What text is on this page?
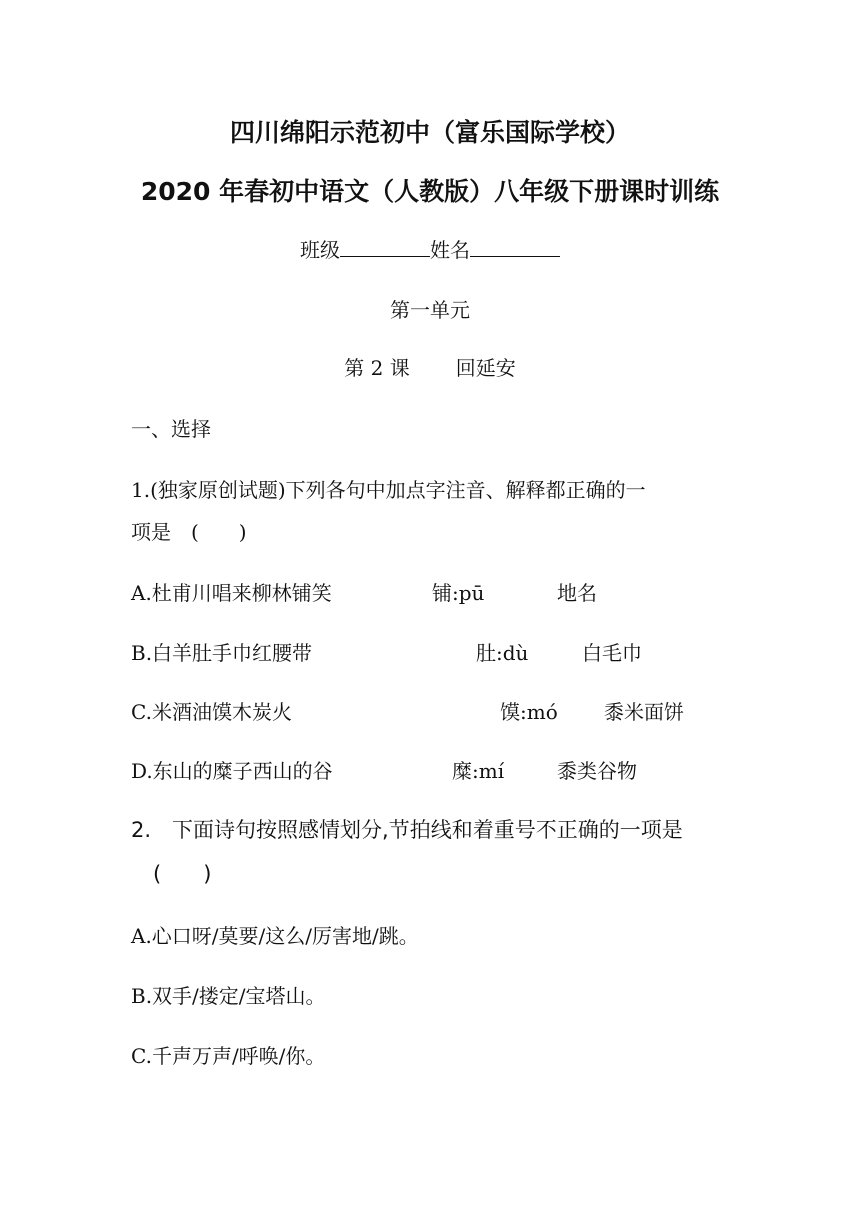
四川绵阳示范初中（富乐国际学校）
2020 年春初中语文（人教版）八年级下册课时训练
班级	姓名
第一单元
第 2 课 回延安
一、选择
1.(独家原创试题)下列各句中加点字注音、解释都正确的一
项是　(　　)
A.杜甫川唱来柳林铺笑	铺:pū	地名
B.白羊肚手巾红腰带	肚:dù	白毛巾
C.米酒油馍木炭火	馍:mó 黍米面饼
D.东山的糜子西山的谷	糜:mí	黍类谷物
2.　下面诗句按照感情划分,节拍线和着重号不正确的一项是
(　　)
A.心口呀/莫要/这么/厉害地/跳。
B.双手/搂定/宝塔山。
C.千声万声/呼唤/你。
